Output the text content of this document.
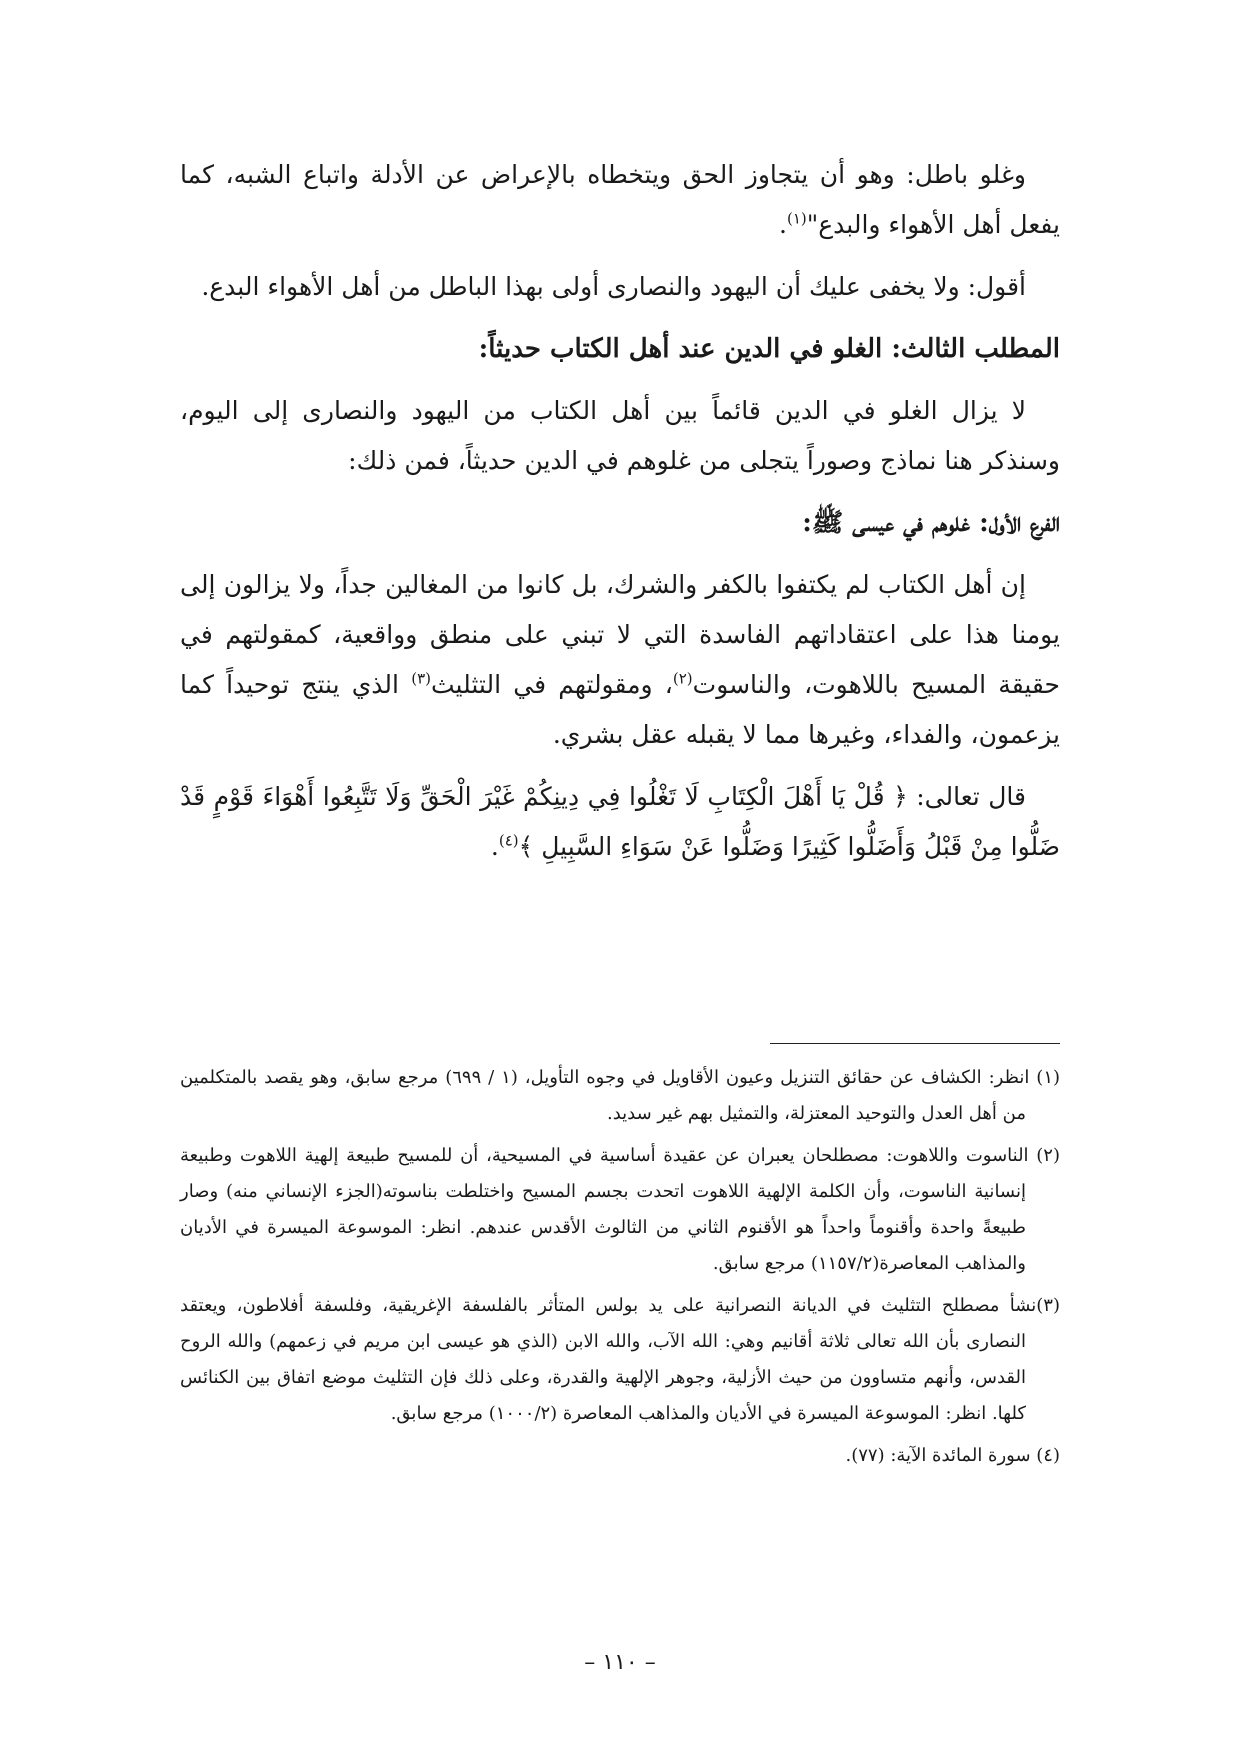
وغلو باطل: وهو أن يتجاوز الحق ويتخطاه بالإعراض عن الأدلة واتباع الشبه، كما يفعل أهل الأهواء والبدع"$^{(١)}$.

أقول: ولا يخفى عليك أن اليهود والنصارى أولى بهذا الباطل من أهل الأهواء البدع.

المطلب الثالث: الغلو في الدين عند أهل الكتاب حديثاً:

لا يزال الغلو في الدين قائماً بين أهل الكتاب من اليهود والنصارى إلى اليوم، وسنذكر هنا نماذج وصوراً يتجلى من غلوهم في الدين حديثاً، فمن ذلك:

الفرع الأول: غلوهم في عيسى ﷺ:

إن أهل الكتاب لم يكتفوا بالكفر والشرك، بل كانوا من المغالين جداً، ولا يزالون إلى يومنا هذا على اعتقاداتهم الفاسدة التي لا تبني على منطق وواقعية، كمقولتهم في حقيقة المسيح باللاهوت، والناسوت$^{(٢)}$، ومقولتهم في التثليث$^{(٣)}$ الذي ينتج توحيداً كما يزعمون، والفداء، وغيرها مما لا يقبله عقل بشري.

قال تعالى: ﴿ قُلْ يَا أَهْلَ الْكِتَابِ لَا تَغْلُوا فِي دِينِكُمْ غَيْرَ الْحَقِّ وَلَا تَتَّبِعُوا أَهْوَاءَ قَوْمٍ قَدْ ضَلُّوا مِنْ قَبْلُ وَأَضَلُّوا كَثِيرًا وَضَلُّوا عَنْ سَوَاءِ السَّبِيلِ ﴾$^{(٤)}$.

(١) انظر: الكشاف عن حقائق التنزيل وعيون الأقاويل في وجوه التأويل، (١ / ٦٩٩) مرجع سابق، وهو يقصد بالمتكلمين من أهل العدل والتوحيد المعتزلة، والتمثيل بهم غير سديد.

(٢) الناسوت واللاهوت: مصطلحان يعبران عن عقيدة أساسية في المسيحية، أن للمسيح طبيعة إلهية اللاهوت وطبيعة إنسانية الناسوت، وأن الكلمة الإلهية اللاهوت اتحدت بجسم المسيح واختلطت بناسوته(الجزء الإنساني منه) وصار طبيعةً واحدة وأقنوماً واحداً هو الأقنوم الثاني من الثالوث الأقدس عندهم. انظر: الموسوعة الميسرة في الأديان والمذاهب المعاصرة(١١٥٧/٢) مرجع سابق.

(٣)نشأ مصطلح التثليث في الديانة النصرانية على يد بولس المتأثر بالفلسفة الإغريقية، وفلسفة أفلاطون، ويعتقد النصارى بأن الله تعالى ثلاثة أقانيم وهي: الله الآب، والله الابن (الذي هو عيسى ابن مريم في زعمهم) والله الروح القدس، وأنهم متساوون من حيث الأزلية، وجوهر الإلهية والقدرة، وعلى ذلك فإن التثليث موضع اتفاق بين الكنائس كلها. انظر: الموسوعة الميسرة في الأديان والمذاهب المعاصرة (١٠٠٠/٢) مرجع سابق.

(٤) سورة المائدة الآية: (٧٧).

– ١١٠ –
